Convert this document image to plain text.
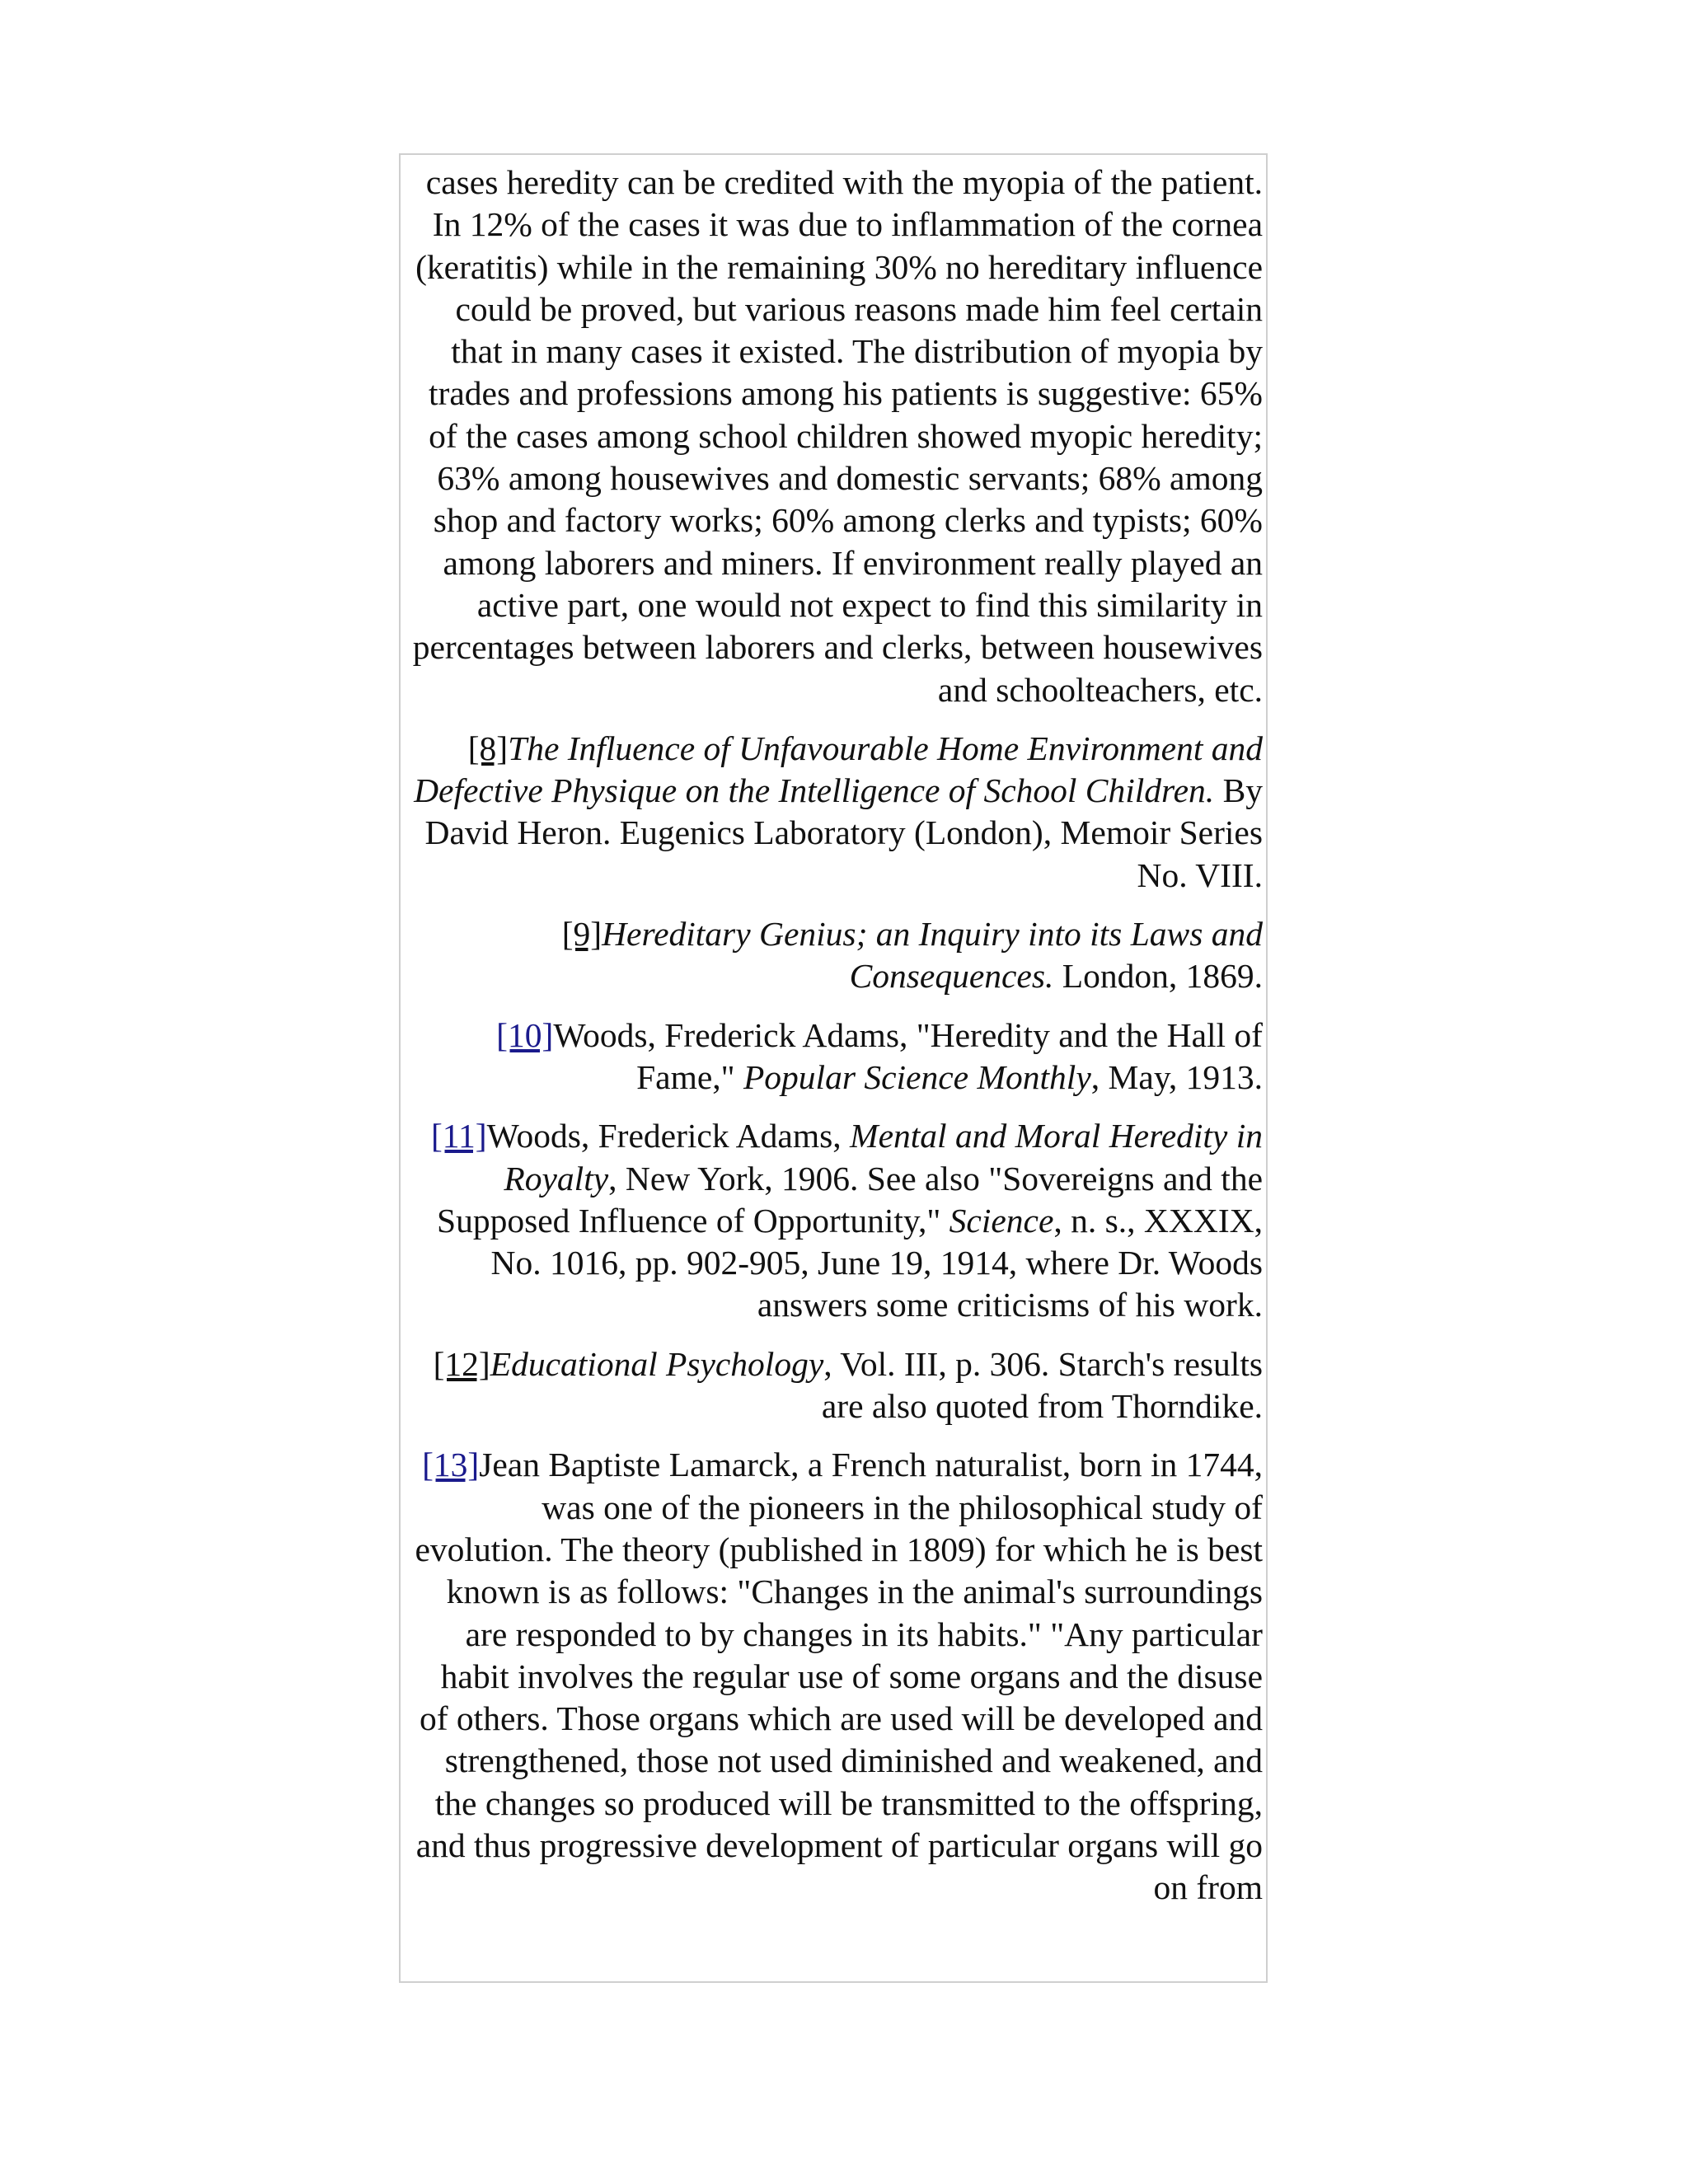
cases heredity can be credited with the myopia of the patient. In 12% of the cases it was due to inflammation of the cornea (keratitis) while in the remaining 30% no hereditary influence could be proved, but various reasons made him feel certain that in many cases it existed. The distribution of myopia by trades and professions among his patients is suggestive: 65% of the cases among school children showed myopic heredity; 63% among housewives and domestic servants; 68% among shop and factory works; 60% among clerks and typists; 60% among laborers and miners. If environment really played an active part, one would not expect to find this similarity in percentages between laborers and clerks, between housewives and schoolteachers, etc.

[8]The Influence of Unfavourable Home Environment and Defective Physique on the Intelligence of School Children. By David Heron. Eugenics Laboratory (London), Memoir Series No. VIII.

[9]Hereditary Genius; an Inquiry into its Laws and Consequences. London, 1869.

[10]Woods, Frederick Adams, "Heredity and the Hall of Fame," Popular Science Monthly, May, 1913.

[11]Woods, Frederick Adams, Mental and Moral Heredity in Royalty, New York, 1906. See also "Sovereigns and the Supposed Influence of Opportunity," Science, n. s., XXXIX, No. 1016, pp. 902-905, June 19, 1914, where Dr. Woods answers some criticisms of his work.

[12]Educational Psychology, Vol. III, p. 306. Starch's results are also quoted from Thorndike.

[13]Jean Baptiste Lamarck, a French naturalist, born in 1744, was one of the pioneers in the philosophical study of evolution. The theory (published in 1809) for which he is best known is as follows: "Changes in the animal's surroundings are responded to by changes in its habits." "Any particular habit involves the regular use of some organs and the disuse of others. Those organs which are used will be developed and strengthened, those not used diminished and weakened, and the changes so produced will be transmitted to the offspring, and thus progressive development of particular organs will go on from
